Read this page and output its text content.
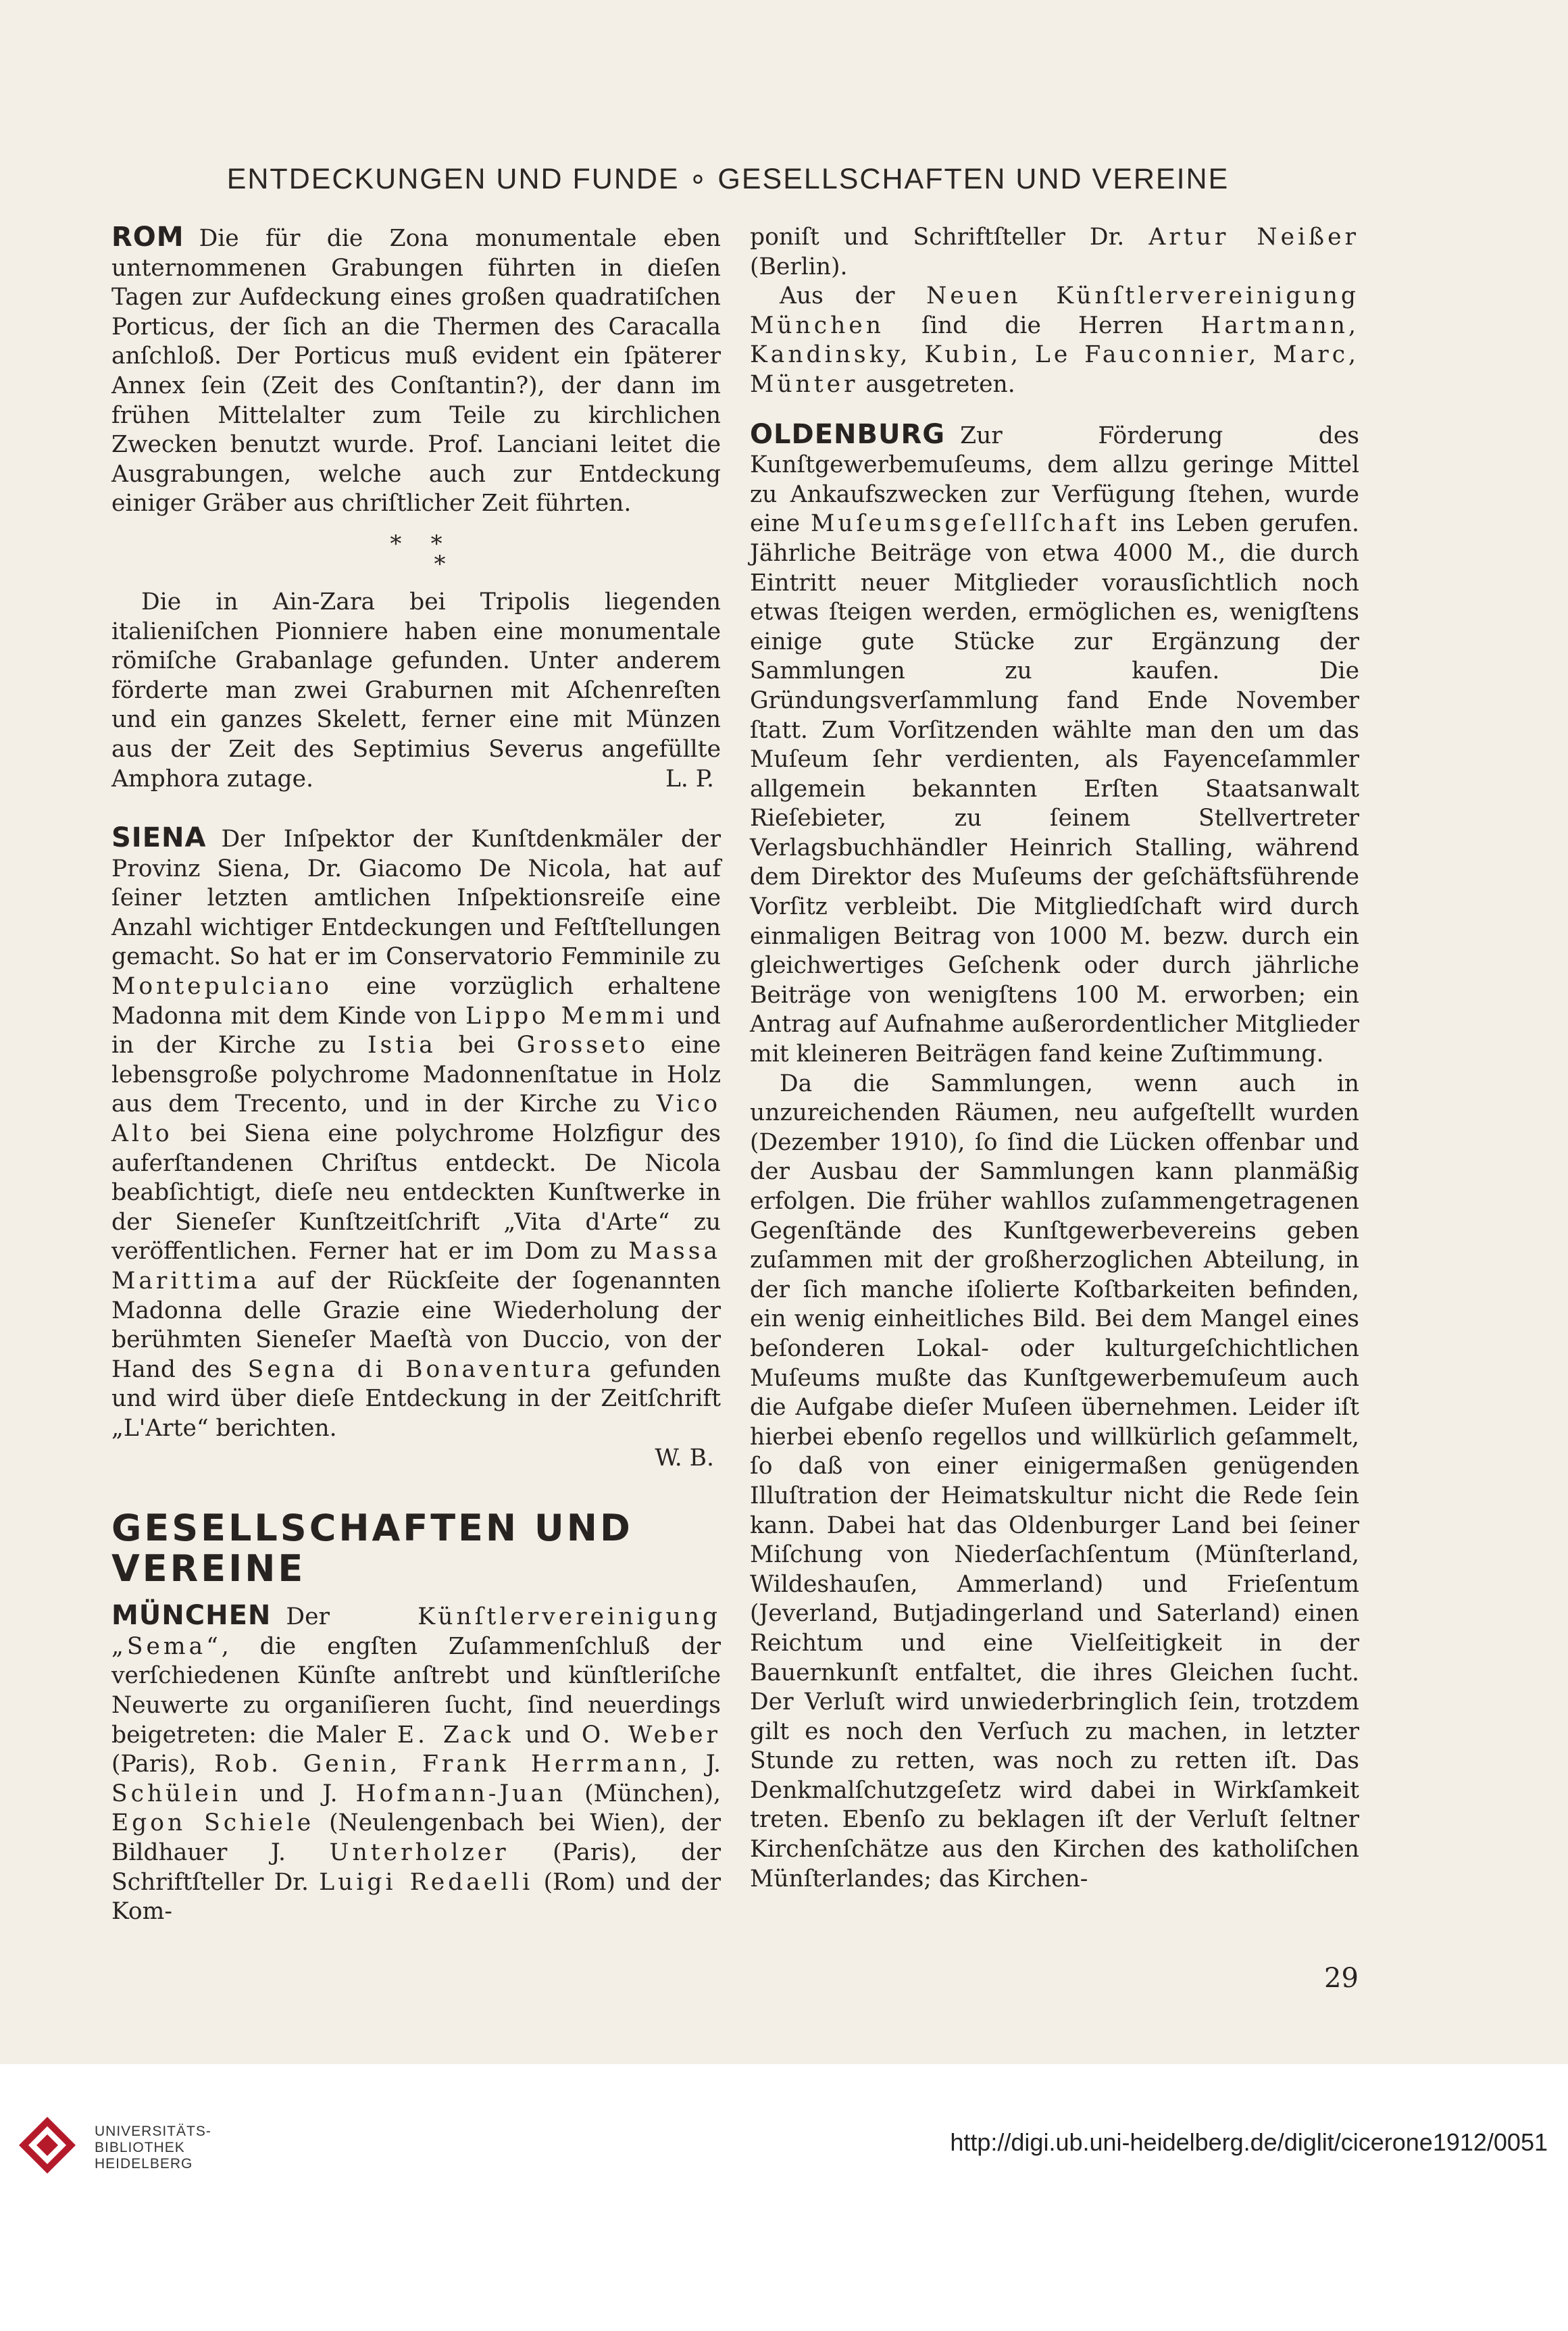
ENTDECKUNGEN UND FUNDE ∘ GESELLSCHAFTEN UND VEREINE

ROM Die für die Zona monumentale eben unternommenen Grabungen führten in dieſen Tagen zur Aufdeckung eines großen quadratiſchen Porticus, der ſich an die Thermen des Caracalla anſchloß. Der Porticus muß evident ein ſpäterer Annex ſein (Zeit des Conſtantin?), der dann im frühen Mittelalter zum Teile zu kirchlichen Zwecken benutzt wurde. Prof. Lanciani leitet die Ausgrabungen, welche auch zur Entdeckung einiger Gräber aus chriſtlicher Zeit führten.

*    *
*

Die in Ain-Zara bei Tripolis liegenden italieniſchen Pionniere haben eine monumentale römiſche Grabanlage gefunden. Unter anderem förderte man zwei Graburnen mit Aſchenreſten und ein ganzes Skelett, ferner eine mit Münzen aus der Zeit des Septimius Severus angefüllte Amphora zutage.	L. P.

SIENA Der Inſpektor der Kunſtdenkmäler der Provinz Siena, Dr. Giacomo De Nicola, hat auf ſeiner letzten amtlichen Inſpektionsreiſe eine Anzahl wichtiger Entdeckungen und Feſtſtellungen gemacht. So hat er im Conservatorio Femminile zu Montepulciano eine vorzüglich erhaltene Madonna mit dem Kinde von Lippo Memmi und in der Kirche zu Istia bei Grosseto eine lebensgroße polychrome Madonnenſtatue in Holz aus dem Trecento, und in der Kirche zu Vico Alto bei Siena eine polychrome Holzfigur des auferſtandenen Chriſtus entdeckt. De Nicola beabſichtigt, dieſe neu entdeckten Kunſtwerke in der Sieneſer Kunſtzeitſchrift „Vita d'Arte“ zu veröffentlichen. Ferner hat er im Dom zu Massa Marittima auf der Rückſeite der ſogenannten Madonna delle Grazie eine Wiederholung der berühmten Sieneſer Maeſtà von Duccio, von der Hand des Segna di Bonaventura gefunden und wird über dieſe Entdeckung in der Zeitſchrift „L'Arte“ berichten.

W. B.
GESELLSCHAFTEN UND VEREINE

MÜNCHEN Der Künſtlervereinigung „Sema“, die engſten Zuſammenſchluß der verſchiedenen Künſte anſtrebt und künſtleriſche Neuwerte zu organiſieren ſucht, ſind neuerdings beigetreten: die Maler E. Zack und O. Weber (Paris), Rob. Genin, Frank Herrmann, J. Schülein und J. Hofmann-Juan (München), Egon Schiele (Neulengenbach bei Wien), der Bildhauer J. Unterholzer (Paris), der Schriftſteller Dr. Luigi Redaelli (Rom) und der Kom-

poniſt und Schriftſteller Dr. Artur Neißer (Berlin).

Aus der Neuen Künſtlervereinigung München ſind die Herren Hartmann, Kandinsky, Kubin, Le Fauconnier, Marc, Münter ausgetreten.

OLDENBURG Zur Förderung des Kunſtgewerbemuſeums, dem allzu geringe Mittel zu Ankaufszwecken zur Verfügung ſtehen, wurde eine Muſeumsgeſellſchaft ins Leben gerufen. Jährliche Beiträge von etwa 4000 M., die durch Eintritt neuer Mitglieder vorausſichtlich noch etwas ſteigen werden, ermöglichen es, wenigſtens einige gute Stücke zur Ergänzung der Sammlungen zu kaufen. Die Gründungsverſammlung fand Ende November ſtatt. Zum Vorſitzenden wählte man den um das Muſeum ſehr verdienten, als Fayenceſammler allgemein bekannten Erſten Staatsanwalt Rieſebieter, zu ſeinem Stellvertreter Verlagsbuchhändler Heinrich Stalling, während dem Direktor des Muſeums der geſchäftsführende Vorſitz verbleibt. Die Mitgliedſchaft wird durch einmaligen Beitrag von 1000 M. bezw. durch ein gleichwertiges Geſchenk oder durch jährliche Beiträge von wenigſtens 100 M. erworben; ein Antrag auf Aufnahme außerordentlicher Mitglieder mit kleineren Beiträgen fand keine Zuſtimmung.

Da die Sammlungen, wenn auch in unzureichenden Räumen, neu aufgeſtellt wurden (Dezember 1910), ſo ſind die Lücken offenbar und der Ausbau der Sammlungen kann planmäßig erfolgen. Die früher wahllos zuſammengetragenen Gegenſtände des Kunſtgewerbevereins geben zuſammen mit der großherzoglichen Abteilung, in der ſich manche iſolierte Koſtbarkeiten befinden, ein wenig einheitliches Bild. Bei dem Mangel eines beſonderen Lokal- oder kulturgeſchichtlichen Muſeums mußte das Kunſtgewerbemuſeum auch die Aufgabe dieſer Muſeen übernehmen. Leider iſt hierbei ebenſo regellos und willkürlich geſammelt, ſo daß von einer einigermaßen genügenden Illuſtration der Heimatskultur nicht die Rede ſein kann. Dabei hat das Oldenburger Land bei ſeiner Miſchung von Niederſachſentum (Münſterland, Wildeshauſen, Ammerland) und Frieſentum (Jeverland, Butjadingerland und Saterland) einen Reichtum und eine Vielſeitigkeit in der Bauernkunſt entfaltet, die ihres Gleichen ſucht. Der Verluſt wird unwiederbringlich ſein, trotzdem gilt es noch den Verſuch zu machen, in letzter Stunde zu retten, was noch zu retten iſt. Das Denkmalſchutzgeſetz wird dabei in Wirkſamkeit treten. Ebenſo zu beklagen iſt der Verluſt ſeltner Kirchenſchätze aus den Kirchen des katholiſchen Münſterlandes; das Kirchen-

29
UNIVERSITÄTS-
BIBLIOTHEK
HEIDELBERG
http://digi.ub.uni-heidelberg.de/diglit/cicerone1912/0051
